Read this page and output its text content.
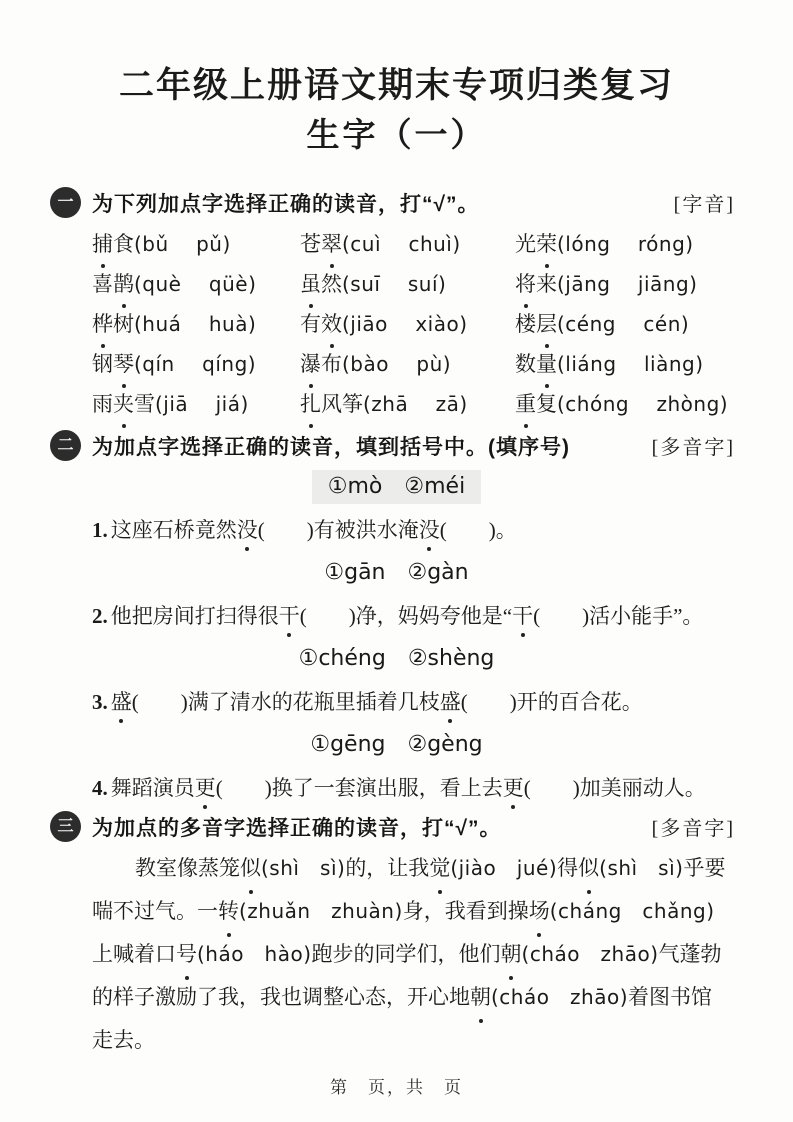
二年级上册语文期末专项归类复习
生字（一）
一 为下列加点字选择正确的读音，打“√”。	[字音]
捕食(bǔ    pǔ)	苍翠(cuì    chuì)	光荣(lóng    róng)
喜鹊(què    qüè)	虽然(suī    suí)	将来(jāng    jiāng)
桦树(huá    huà)	有效(jiāo    xiào)	楼层(céng    cén)
钢琴(qín    qíng)	瀑布(bào    pù)	数量(liáng    liàng)
雨夹雪(jiā    jiá)	扎风筝(zhā    zā)	重复(chóng    zhòng)
二 为加点字选择正确的读音，填到括号中。(填序号)	[多音字]
①mò ②méi
1. 这座石桥竟然没(　　)有被洪水淹没(　　)。
①gān ②gàn
2. 他把房间打扫得很干(　　)净，妈妈夸他是“干(　　)活小能手”。
①chéng ②shèng
3. 盛(　　)满了清水的花瓶里插着几枝盛(　　)开的百合花。
①gēng ②gèng
4. 舞蹈演员更(　　)换了一套演出服，看上去更(　　)加美丽动人。
三 为加点的多音字选择正确的读音，打“√”。	[多音字]
教室像蒸笼似(shì   sì)的，让我觉(jiào   jué)得似(shì   sì)乎要
喘不过气。一转(zhuǎn   zhuàn)身，我看到操场(cháng   chǎng)
上喊着口号(háo   hào)跑步的同学们，他们朝(cháo   zhāo)气蓬勃
的样子激励了我，我也调整心态，开心地朝(cháo   zhāo)着图书馆
走去。
第　页，共　页
